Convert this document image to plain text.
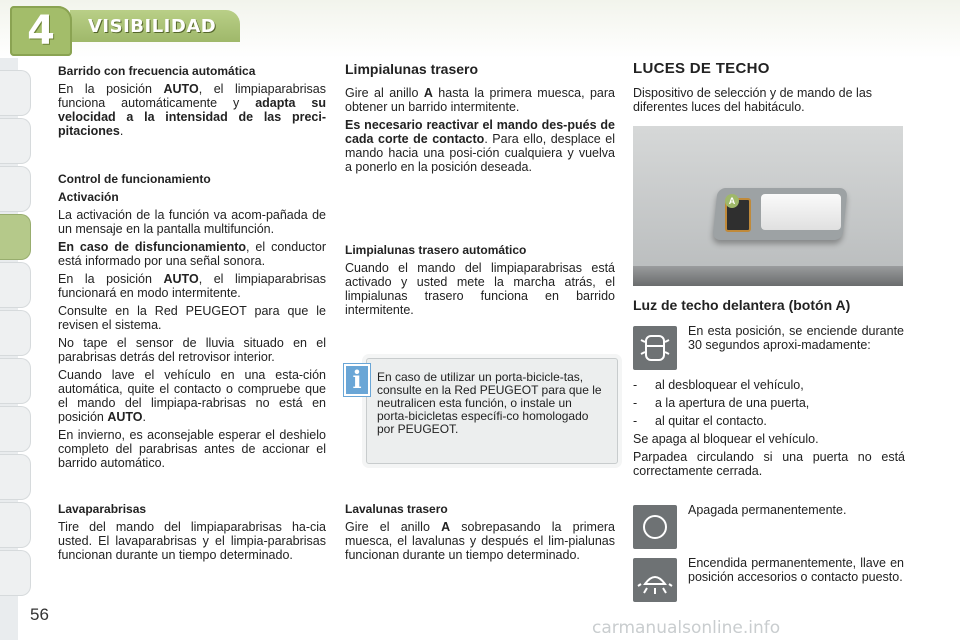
4	VISIBILIDAD
Barrido con frecuencia automática

En la posición AUTO, el limpiaparabrisas funciona automáticamente y adapta su velocidad a la intensidad de las preci-pitaciones.

Control de funcionamiento
Activación

La activación de la función va acom-pañada de un mensaje en la pantalla multifunción.

En caso de disfuncionamiento, el conductor está informado por una señal sonora.

En la posición AUTO, el limpiaparabrisas funcionará en modo intermitente.

Consulte en la Red PEUGEOT para que le revisen el sistema.

No tape el sensor de lluvia situado en el parabrisas detrás del retrovisor interior.

Cuando lave el vehículo en una esta-ción automática, quite el contacto o compruebe que el mando del limpiapa-rabrisas no está en posición AUTO.

En invierno, es aconsejable esperar el deshielo completo del parabrisas antes de accionar el barrido automático.

Lavaparabrisas

Tire del mando del limpiaparabrisas ha-cia usted. El lavaparabrisas y el limpia-parabrisas funcionan durante un tiempo determinado.

Limpialunas trasero

Gire al anillo A hasta la primera muesca, para obtener un barrido intermitente.

Es necesario reactivar el mando des-pués de cada corte de contacto. Para ello, desplace el mando hacia una posi-ción cualquiera y vuelva a ponerlo en la posición deseada.

Limpialunas trasero automático

Cuando el mando del limpiaparabrisas está activado y usted mete la marcha atrás, el limpialunas trasero funciona en barrido intermitente.

En caso de utilizar un porta-bicicle-tas, consulte en la Red PEUGEOT para que le neutralicen esta función, o instale un porta-bicicletas específi-co homologado por PEUGEOT.
i
Lavalunas trasero

Gire el anillo A sobrepasando la primera muesca, el lavalunas y después el lim-pialunas funcionan durante un tiempo determinado.

LUCES DE TECHO

Dispositivo de selección y de mando de las diferentes luces del habitáculo.

A
Luz de techo delantera (botón A)
En esta posición, se enciende durante 30 segundos aproxi-madamente:
- al desbloquear el vehículo,
- a la apertura de una puerta,
- al quitar el contacto.

Se apaga al bloquear el vehículo.

Parpadea circulando si una puerta no está correctamente cerrada.

Apagada permanentemente.
Encendida permanentemente, llave en posición accesorios o contacto puesto.
56
carmanualsonline.info
